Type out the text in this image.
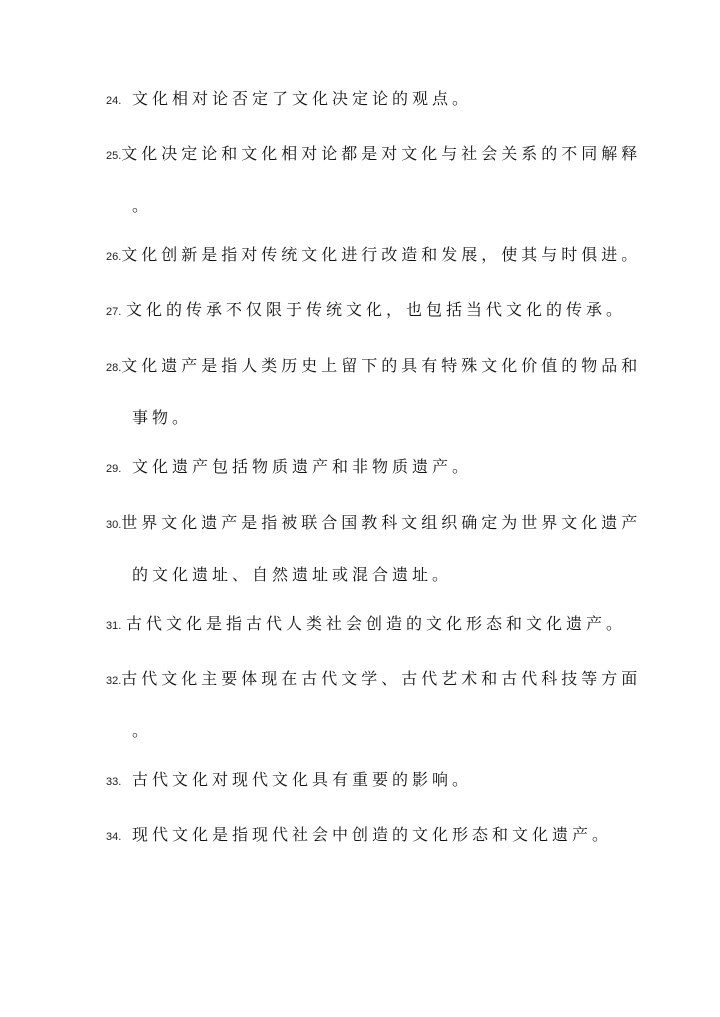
24. 文化相对论否定了文化决定论的观点。
25. 文化决定论和文化相对论都是对文化与社会关系的不同解释
。
26. 文化创新是指对传统文化进行改造和发展，使其与时俱进。
27. 文化的传承不仅限于传统文化，也包括当代文化的传承。
28. 文化遗产是指人类历史上留下的具有特殊文化价值的物品和
事物。
29. 文化遗产包括物质遗产和非物质遗产。
30. 世界文化遗产是指被联合国教科文组织确定为世界文化遗产
的文化遗址、自然遗址或混合遗址。
31. 古代文化是指古代人类社会创造的文化形态和文化遗产。
32. 古代文化主要体现在古代文学、古代艺术和古代科技等方面
。
33. 古代文化对现代文化具有重要的影响。
34. 现代文化是指现代社会中创造的文化形态和文化遗产。
